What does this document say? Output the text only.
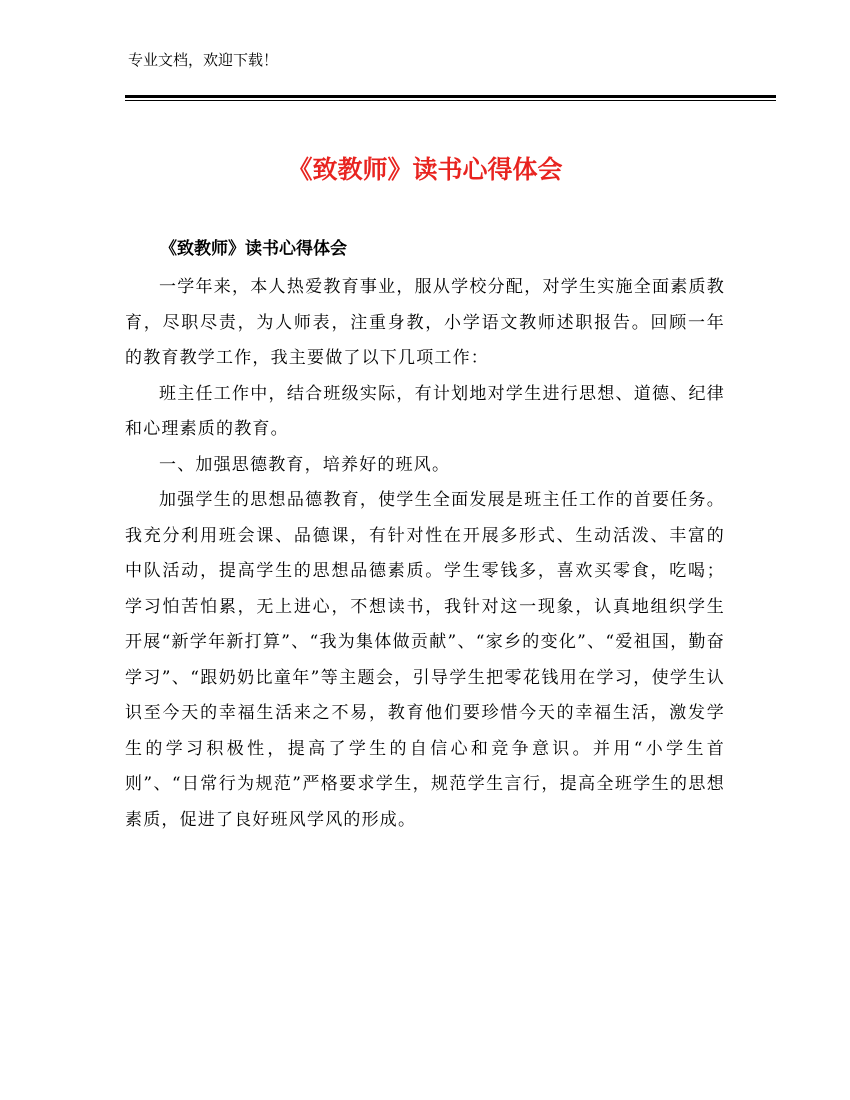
专业文档，欢迎下载！
《致教师》读书心得体会
《致教师》读书心得体会

一学年来，本人热爱教育事业，服从学校分配，对学生实施全面素质教育，尽职尽责，为人师表，注重身教，小学语文教师述职报告。回顾一年的教育教学工作，我主要做了以下几项工作：

班主任工作中，结合班级实际，有计划地对学生进行思想、道德、纪律和心理素质的教育。

一、加强思德教育，培养好的班风。

加强学生的思想品德教育，使学生全面发展是班主任工作的首要任务。我充分利用班会课、品德课，有针对性在开展多形式、生动活泼、丰富的中队活动，提高学生的思想品德素质。学生零钱多，喜欢买零食，吃喝；学习怕苦怕累，无上进心，不想读书，我针对这一现象，认真地组织学生开展“新学年新打算”、“我为集体做贡献”、“家乡的变化”、“爱祖国，勤奋学习”、“跟奶奶比童年”等主题会，引导学生把零花钱用在学习，使学生认识至今天的幸福生活来之不易，教育他们要珍惜今天的幸福生活，激发学生的学习积极性，提高了学生的自信心和竞争意识。并用“小学生首则”、“日常行为规范”严格要求学生，规范学生言行，提高全班学生的思想素质，促进了良好班风学风的形成。
